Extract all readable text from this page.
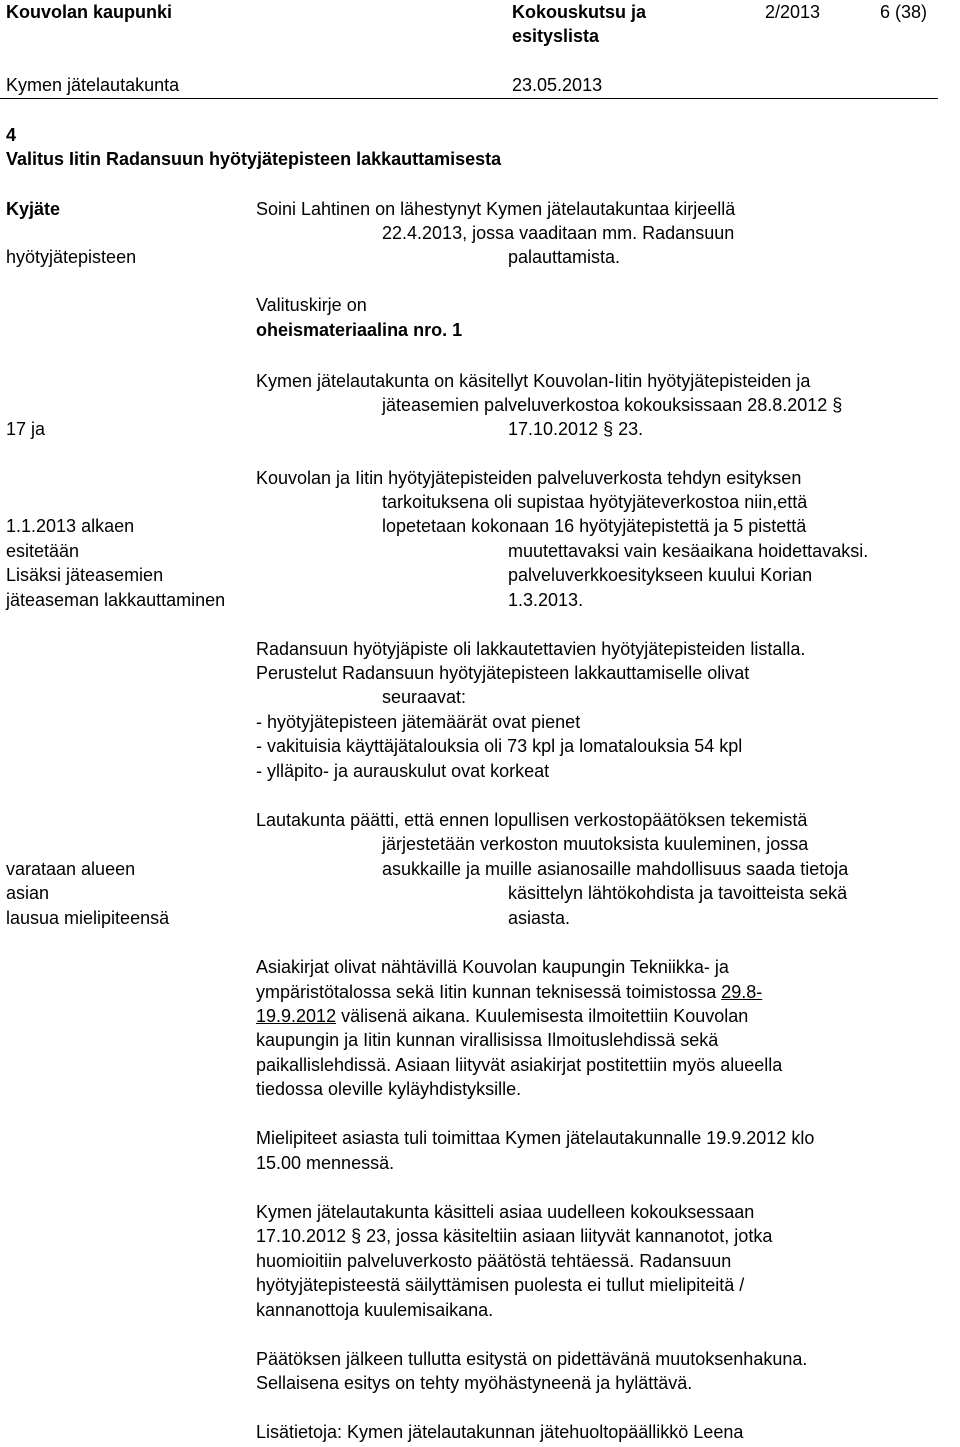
Kouvolan kaupunki	Kokouskutsu ja
esityslista
2/2013	6 (38)
Kymen jätelautakunta	23.05.2013
4
Valitus Iitin Radansuun hyötyjätepisteen lakkauttamisesta
Kyjäte	Soini Lahtinen on lähestynyt Kymen jätelautakuntaa kirjeellä
22.4.2013, jossa vaaditaan mm. Radansuun
hyötyjätepisteen	palauttamista.
Valituskirje on
oheismateriaalina nro. 1
Kymen jätelautakunta on käsitellyt Kouvolan-Iitin hyötyjätepisteiden ja
jäteasemien palveluverkostoa kokouksissaan 28.8.2012 §
17 ja	17.10.2012 § 23.
Kouvolan ja Iitin hyötyjätepisteiden palveluverkosta tehdyn esityksen
tarkoituksena oli supistaa hyötyjäteverkostoa niin,että
1.1.2013 alkaen	lopetetaan kokonaan 16 hyötyjätepistettä ja 5 pistettä
esitetään	muutettavaksi vain kesäaikana hoidettavaksi.
Lisäksi jäteasemien	palveluverkkoesitykseen kuului Korian
jäteaseman lakkauttaminen	1.3.2013.
Radansuun hyötyjäpiste oli lakkautettavien hyötyjätepisteiden listalla.
Perustelut Radansuun hyötyjätepisteen lakkauttamiselle olivat
seuraavat:
- hyötyjätepisteen jätemäärät ovat pienet
- vakituisia käyttäjätalouksia oli 73 kpl ja lomatalouksia 54 kpl
- ylläpito- ja aurauskulut ovat korkeat
Lautakunta päätti, että ennen lopullisen verkostopäätöksen tekemistä
järjestetään verkoston muutoksista kuuleminen, jossa
varataan alueen	asukkaille ja muille asianosaille mahdollisuus saada tietoja
asian	käsittelyn lähtökohdista ja tavoitteista sekä
lausua mielipiteensä	asiasta.
Asiakirjat olivat nähtävillä Kouvolan kaupungin Tekniikka- ja
ympäristötalossa sekä Iitin kunnan teknisessä toimistossa 29.8-
19.9.2012 välisenä aikana. Kuulemisesta ilmoitettiin Kouvolan
kaupungin ja Iitin kunnan virallisissa Ilmoituslehdissä sekä
paikallislehdissä. Asiaan liityvät asiakirjat postitettiin myös alueella
tiedossa oleville kyläyhdistyksille.
Mielipiteet asiasta tuli toimittaa Kymen jätelautakunnalle 19.9.2012 klo
15.00 mennessä.
Kymen jätelautakunta käsitteli asiaa uudelleen kokouksessaan
17.10.2012 § 23, jossa käsiteltiin asiaan liityvät kannanotot, jotka
huomioitiin palveluverkosto päätöstä tehtäessä. Radansuun
hyötyjätepisteestä säilyttämisen puolesta ei tullut mielipiteitä /
kannanottoja kuulemisaikana.
Päätöksen jälkeen tullutta esitystä on pidettävänä muutoksenhakuna.
Sellaisena esitys on tehty myöhästyneenä ja hylättävä.
Lisätietoja: Kymen jätelautakunnan jätehuoltopäällikkö Leena
